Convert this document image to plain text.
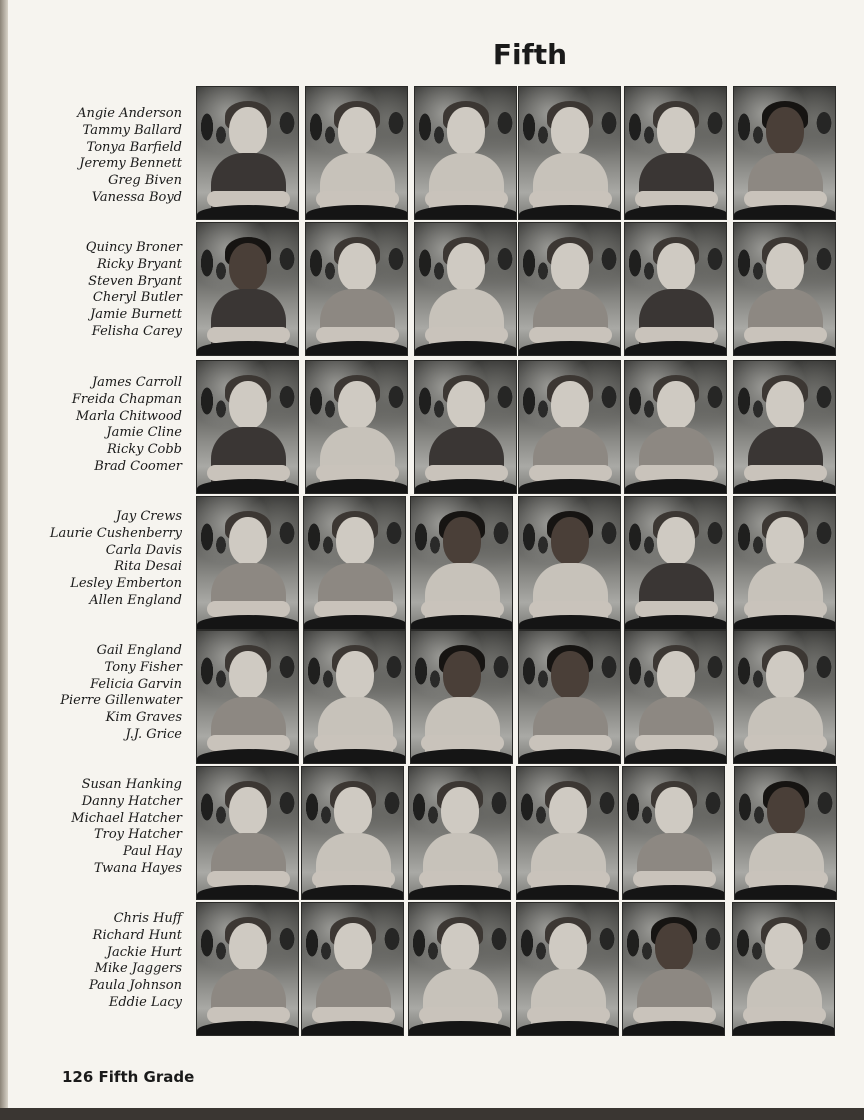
Fifth
Angie Anderson
Tammy Ballard
Tonya Barfield
Jeremy Bennett
Greg Biven
Vanessa Boyd
Quincy Broner
Ricky Bryant
Steven Bryant
Cheryl Butler
Jamie Burnett
Felisha Carey
James Carroll
Freida Chapman
Marla Chitwood
Jamie Cline
Ricky Cobb
Brad Coomer
Jay Crews
Laurie Cushenberry
Carla Davis
Rita Desai
Lesley Emberton
Allen England
Gail England
Tony Fisher
Felicia Garvin
Pierre Gillenwater
Kim Graves
J.J. Grice
Susan Hanking
Danny Hatcher
Michael Hatcher
Troy Hatcher
Paul Hay
Twana Hayes
Chris Huff
Richard Hunt
Jackie Hurt
Mike Jaggers
Paula Johnson
Eddie Lacy
126 Fifth Grade
